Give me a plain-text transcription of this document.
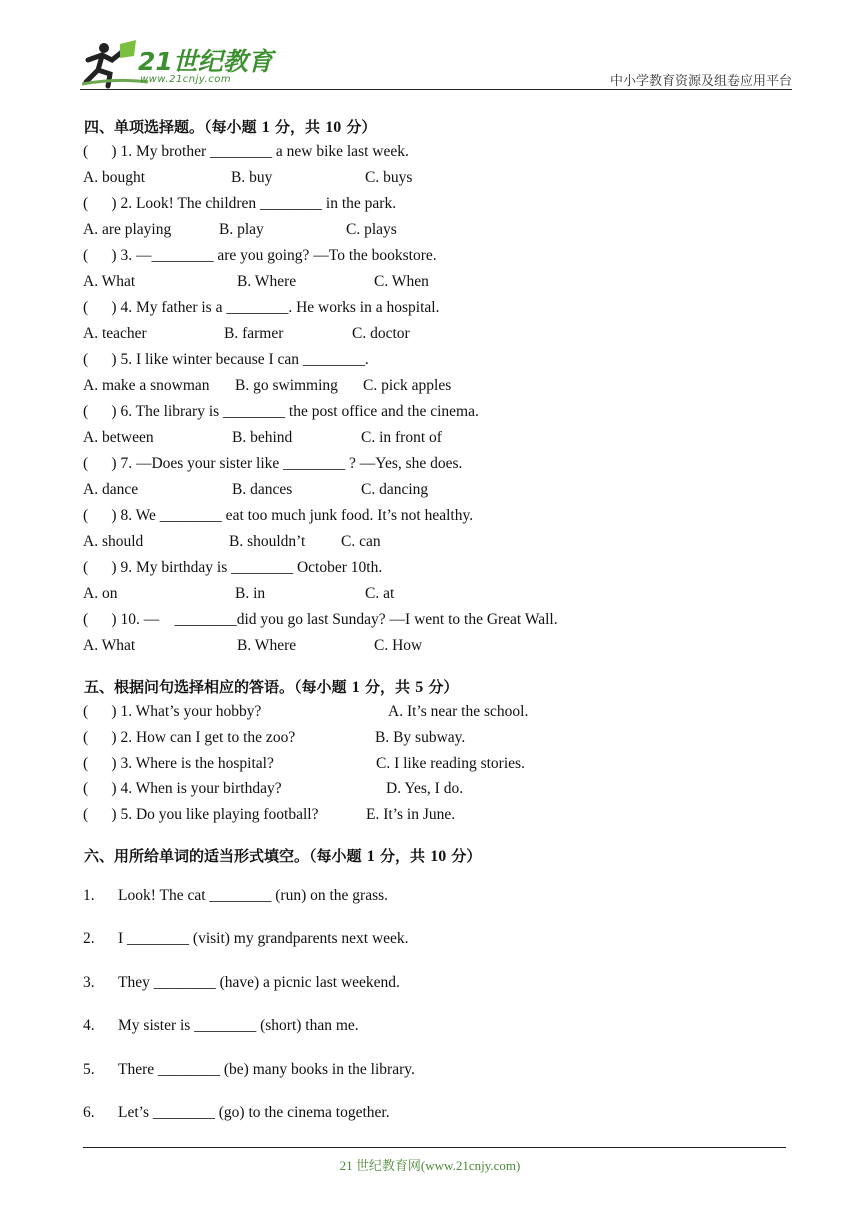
21世纪教育
www.21cnjy.com	中小学教育资源及组卷应用平台
四、单项选择题。（每小题 1 分，共 10 分）
(      ) 1. My brother ________ a new bike last week.
A. bought	B. buy	C. buys
(      ) 2. Look! The children ________ in the park.
A. are playing	B. play	C. plays
(      ) 3. —________ are you going? —To the bookstore.
A. What	B. Where	C. When
(      ) 4. My father is a ________. He works in a hospital.
A. teacher	B. farmer	C. doctor
(      ) 5. I like winter because I can ________.
A. make a snowman B. go swimming C. pick apples
(      ) 6. The library is ________ the post office and the cinema.
A. between	B. behind	C. in front of
(      ) 7. —Does your sister like ________ ? —Yes, she does.
A. dance	B. dances	C. dancing
(      ) 8. We ________ eat too much junk food. It’s not healthy.
A. should	B. shouldn’t C. can
(      ) 9. My birthday is ________ October 10th.
A. on	B. in	C. at
(      ) 10. —    ________did you go last Sunday? —I went to the Great Wall.
A. What	B. Where	C. How
五、根据问句选择相应的答语。（每小题 1 分，共 5 分）
(      ) 1. What’s your hobby?	A. It’s near the school.
(      ) 2. How can I get to the zoo?	B. By subway.
(      ) 3. Where is the hospital?	C. I like reading stories.
(      ) 4. When is your birthday?	D. Yes, I do.
(      ) 5. Do you like playing football?	E. It’s in June.
六、用所给单词的适当形式填空。（每小题 1 分，共 10 分）
1. Look! The cat ________ (run) on the grass.
2. I ________ (visit) my grandparents next week.
3. They ________ (have) a picnic last weekend.
4. My sister is ________ (short) than me.
5. There ________ (be) many books in the library.
6. Let’s ________ (go) to the cinema together.
21 世纪教育网(www.21cnjy.com)
